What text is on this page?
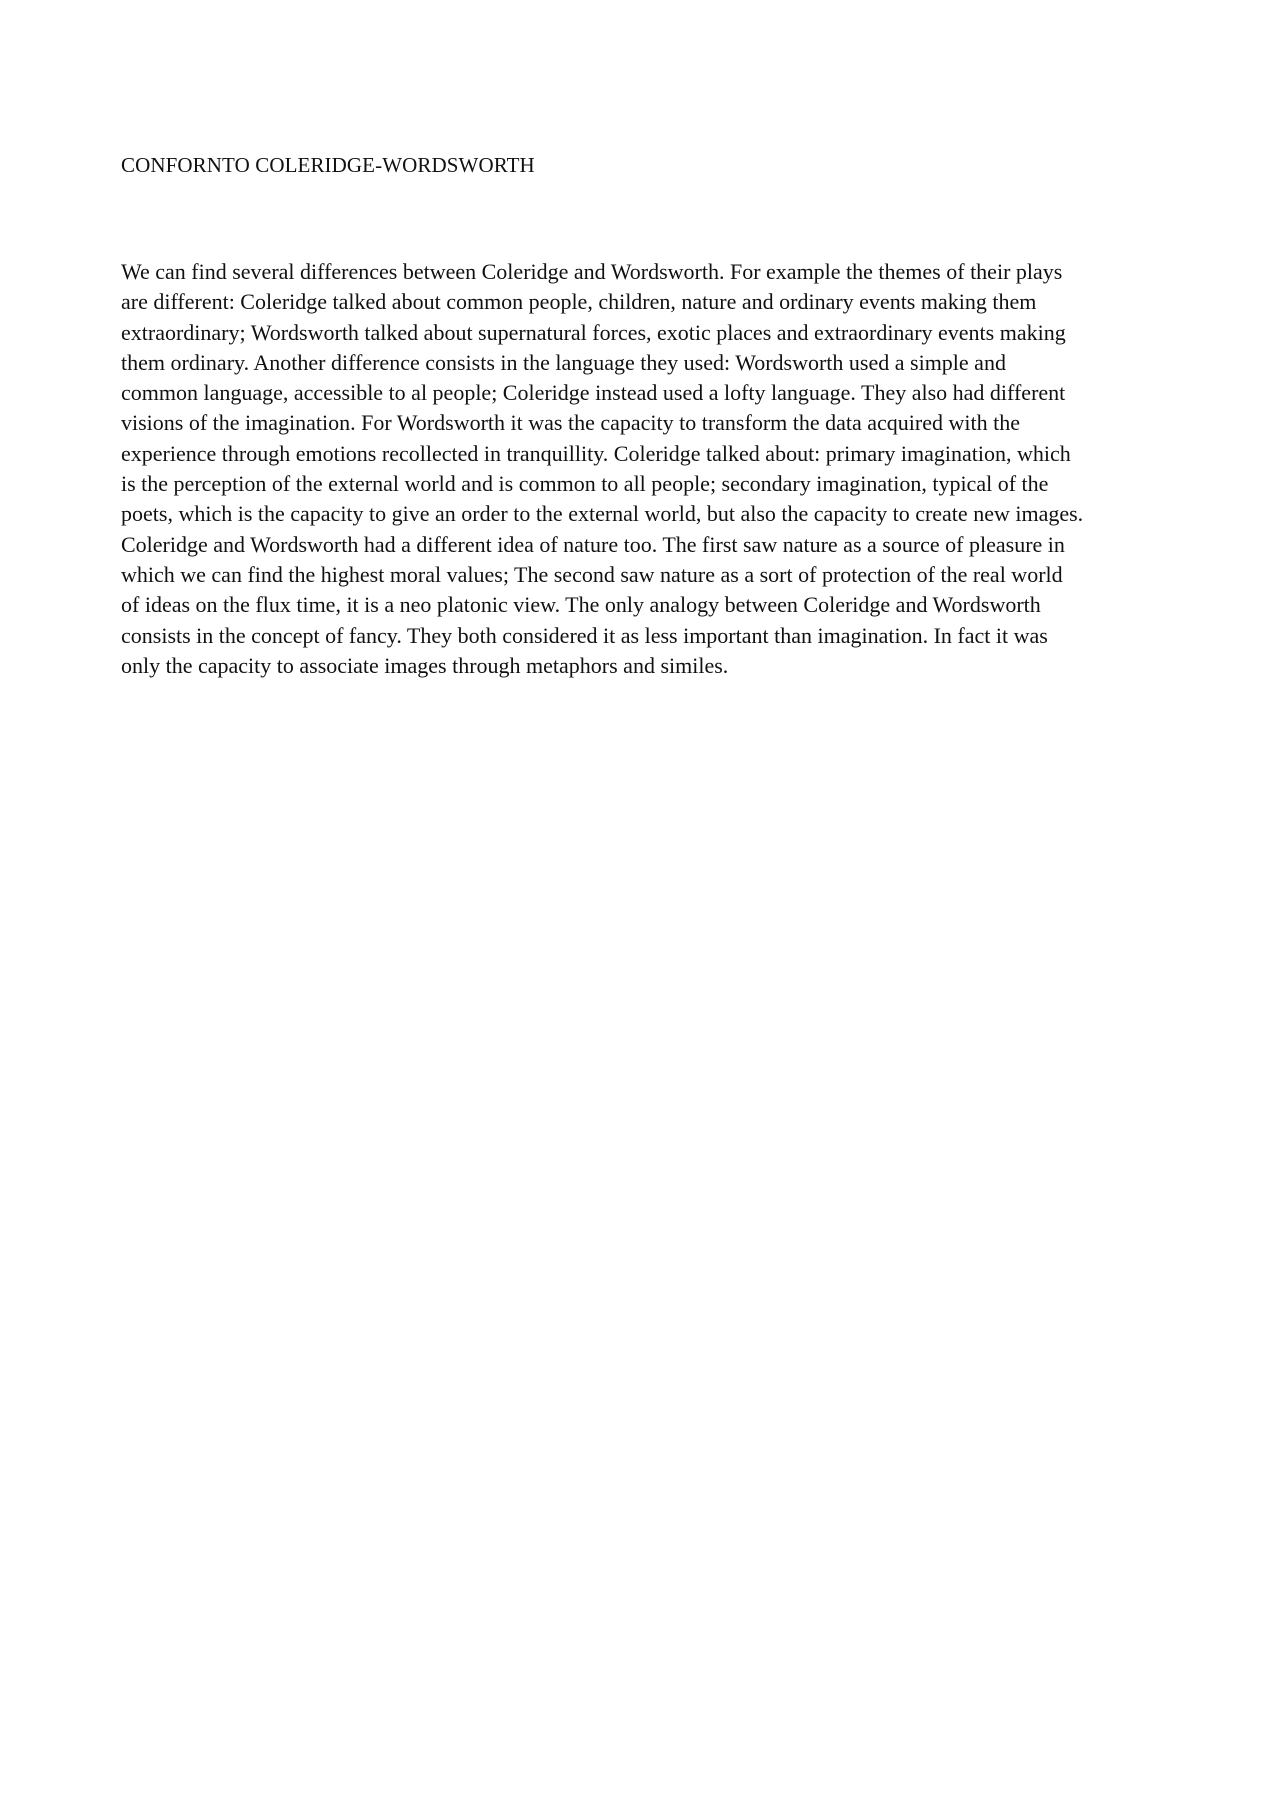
CONFORNTO COLERIDGE-WORDSWORTH
We can find several differences between Coleridge and Wordsworth. For example the themes of their plays
are different: Coleridge talked about common people, children, nature and ordinary events making them
extraordinary; Wordsworth talked about supernatural forces, exotic places and extraordinary events making
them ordinary. Another difference consists in the language they used: Wordsworth used a simple and
common language, accessible to al people; Coleridge instead used a lofty language. They also had different
visions of the imagination. For Wordsworth it was the capacity to transform the data acquired with the
experience through emotions recollected in tranquillity. Coleridge talked about: primary imagination, which
is the perception of the external world and is common to all people; secondary imagination, typical of the
poets, which is the capacity to give an order to the external world, but also the capacity to create new images.
Coleridge and Wordsworth had a different idea of nature too. The first saw nature as a source of pleasure in
which we can find the highest moral values; The second saw nature as a sort of protection of the real world
of ideas on the flux time, it is a neo platonic view. The only analogy between Coleridge and Wordsworth
consists in the concept of fancy. They both considered it as less important than imagination. In fact it was
only the capacity to associate images through metaphors and similes.
